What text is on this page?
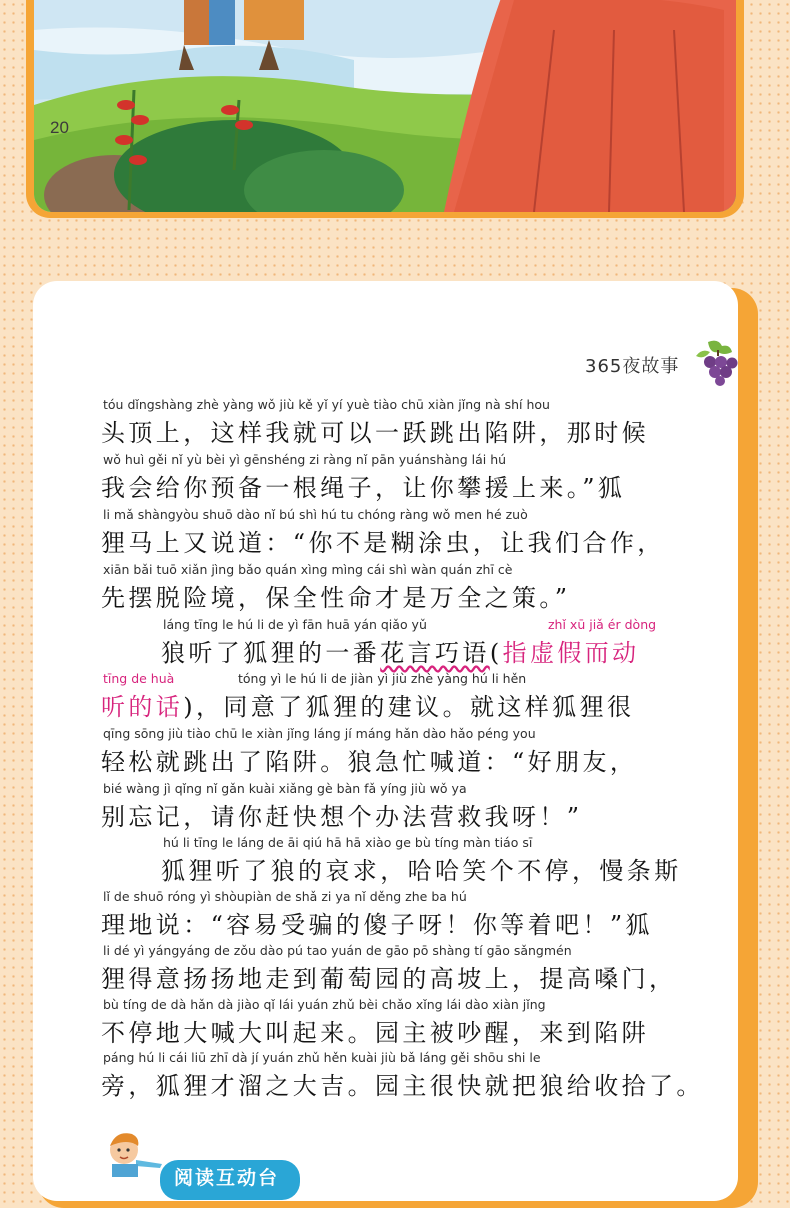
20
365夜故事
tóu dǐngshàng zhè yàng wǒ jiù kě yǐ yí yuè tiào chū xiàn jǐng nà shí hou
头顶上，这样我就可以一跃跳出陷阱，那时候
wǒ huì gěi nǐ yù bèi yì gēnshéng zi ràng nǐ pān yuánshàng lái hú
我会给你预备一根绳子，让你攀援上来。”狐
li mǎ shàngyòu shuō dào nǐ bú shì hú tu chóng ràng wǒ men hé zuò
狸马上又说道：“你不是糊涂虫，让我们合作，
xiān bǎi tuō xiǎn jìng bǎo quán xìng mìng cái shì wàn quán zhī cè
先摆脱险境，保全性命才是万全之策。”
láng tīng le hú li de yì fān huā yán qiǎo yǔ	zhǐ xū jiǎ ér dòng
狼听了狐狸的一番花言巧语(指虚假而动
tīng de huà	tóng yì le hú li de jiàn yì jiù zhè yàng hú li hěn
听的话)，同意了狐狸的建议。就这样狐狸很
qīng sōng jiù tiào chū le xiàn jǐng láng jí máng hǎn dào hǎo péng you
轻松就跳出了陷阱。狼急忙喊道：“好朋友，
bié wàng jì qǐng nǐ gǎn kuài xiǎng gè bàn fǎ yíng jiù wǒ ya
别忘记，请你赶快想个办法营救我呀！”
hú li tīng le láng de āi qiú hā hā xiào ge bù tíng màn tiáo sī
狐狸听了狼的哀求，哈哈笑个不停，慢条斯
lǐ de shuō róng yì shòupiàn de shǎ zi ya nǐ děng zhe ba hú
理地说：“容易受骗的傻子呀！你等着吧！”狐
li dé yì yángyáng de zǒu dào pú tao yuán de gāo pō shàng tí gāo sǎngmén
狸得意扬扬地走到葡萄园的高坡上，提高嗓门，
bù tíng de dà hǎn dà jiào qǐ lái yuán zhǔ bèi chǎo xǐng lái dào xiàn jǐng
不停地大喊大叫起来。园主被吵醒，来到陷阱
páng hú li cái liū zhī dà jí yuán zhǔ hěn kuài jiù bǎ láng gěi shōu shi le
旁，狐狸才溜之大吉。园主很快就把狼给收拾了。
阅读互动台
